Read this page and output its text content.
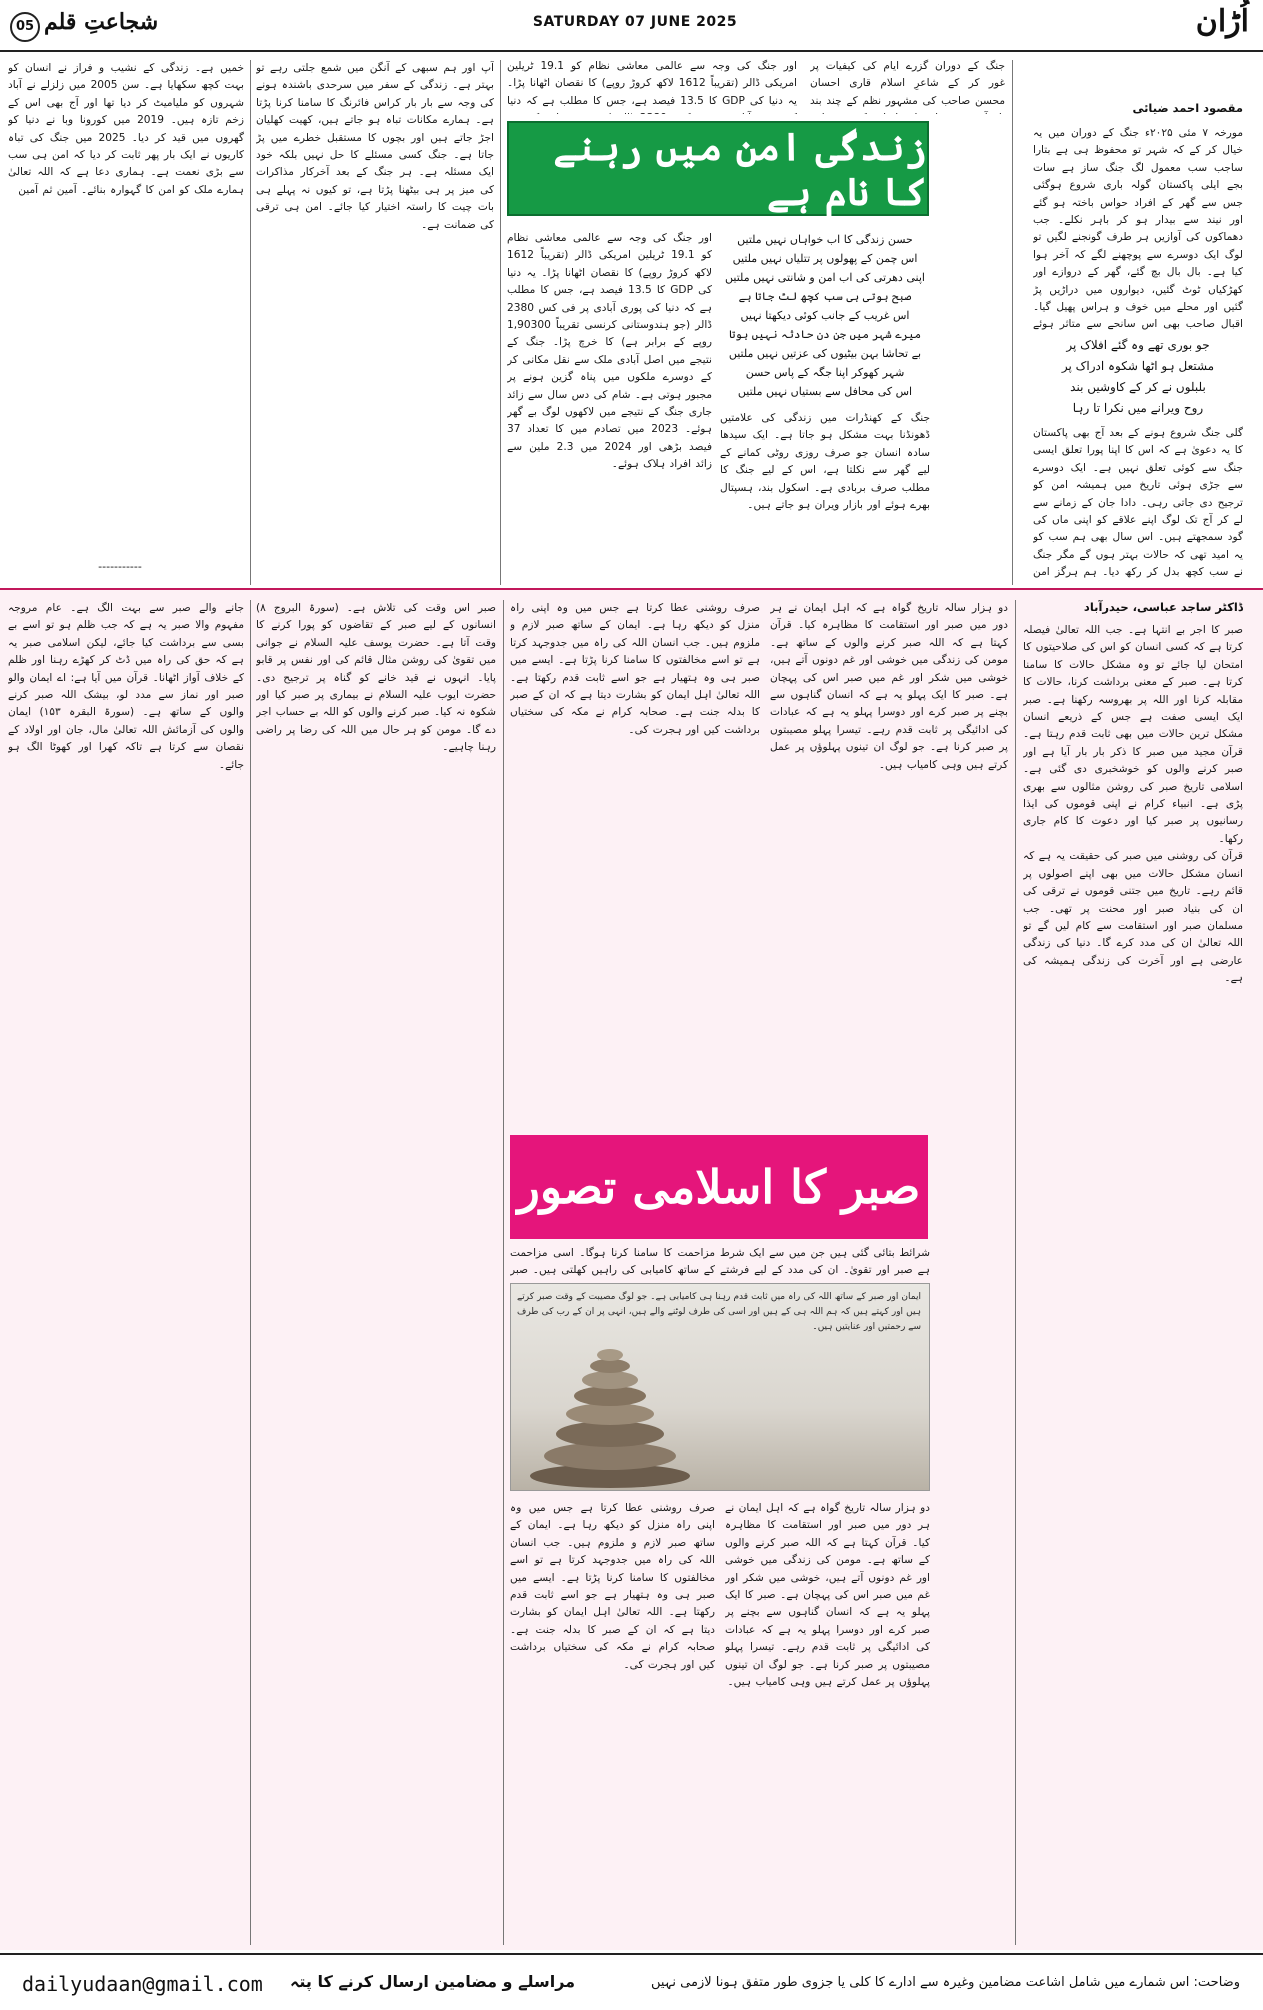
05 شجاعتِ قلم	SATURDAY 07 JUNE 2025	اُڑان
مقصود احمد ضیائی

مورخہ ۷ مئی ۲۰۲۵ء جنگ کے دوران میں یہ خیال کر کے کہ شہر تو محفوظ ہی ہے بتارا ساجب سب معمول لگ جنگ ساز ہے سات بجے ایلی پاکستان گولہ باری شروع ہوگئی جس سے گھر کے افراد حواس باختہ ہو گئے اور نیند سے بیدار ہو کر باہر نکلے۔ جب دھماکوں کی آوازیں ہر طرف گونجنے لگیں تو لوگ ایک دوسرے سے پوچھنے لگے کہ آخر ہوا کیا ہے۔ بال بال بچ گئے، گھر کے دروازے اور کھڑکیاں ٹوٹ گئیں، دیواروں میں دراڑیں پڑ گئیں اور محلے میں خوف و ہراس پھیل گیا۔ اقبال صاحب بھی اس سانحے سے متاثر ہوئے

جو بوری تھے وہ گئے افلاک پر
مشتعل ہو اٹھا شکوہ ادراک پر
بلبلوں نے کر کے کاوشیں بند
روح ویرانے میں نکرا تا رہا

گلی جنگ شروع ہونے کے بعد آج بھی پاکستان کا یہ دعویٰ ہے کہ اس کا اپنا پورا تعلق ایسی جنگ سے کوئی تعلق نہیں ہے۔ ایک دوسرے سے جڑی ہوئی تاریخ میں ہمیشہ امن کو ترجیح دی جاتی رہی۔ دادا جان کے زمانے سے لے کر آج تک لوگ اپنے علاقے کو اپنی ماں کی گود سمجھتے ہیں۔ اس سال بھی ہم سب کو یہ امید تھی کہ حالات بہتر ہوں گے مگر جنگ نے سب کچھ بدل کر رکھ دیا۔ ہم ہرگز امن

جنگ کے دوران گزرے ایام کی کیفیات پر غور کر کے شاعرِ اسلام قاری احسان محسن صاحب کی مشہور نظم کے چند بند

اور جنگ کی وجہ سے عالمی معاشی نظام کو 19.1 ٹریلین امریکی ڈالر (تقریباً 1612 لاکھ کروڑ روپے) کا نقصان اٹھانا پڑا۔ یہ دنیا کی GDP کا 13.5 فیصد ہے، جس کا مطلب ہے کہ دنیا

زندگی امن میں رہنے کا نام ہے
حسن زندگی کا اب خواہاں نہیں ملتیں
اس چمن کے پھولوں پر تتلیاں نہیں ملتیں
اپنی دھرتی کی اب امن و شانتی نہیں ملتیں
صبح ہوتی ہی سب کچھ لٹ جاتا ہے
اس غریب کے جانب کوئی دیکھتا نہیں
میرے شہر میں جن دن حادثہ نہیں ہوتا
بے تحاشا بہن بیٹیوں کی عزتیں نہیں ملتیں
شہر کھوکر اپنا جگہ کے پاس حسن
اس کی محافل سے بستیاں نہیں ملتیں

جنگ کے کھنڈرات میں زندگی کی علامتیں ڈھونڈنا بہت مشکل ہو جاتا ہے۔ ایک سیدھا سادہ انسان جو صرف روزی روٹی کمانے کے لیے گھر سے نکلتا ہے، اس کے لیے جنگ کا مطلب صرف بربادی ہے۔ اسکول بند، ہسپتال بھرے ہوئے اور بازار ویران ہو جاتے ہیں۔

اور جنگ کی وجہ سے عالمی معاشی نظام کو 19.1 ٹریلین امریکی ڈالر (تقریباً 1612 لاکھ کروڑ روپے) کا نقصان اٹھانا پڑا۔ یہ دنیا کی GDP کا 13.5 فیصد ہے، جس کا مطلب ہے کہ دنیا کی پوری آبادی پر فی کس 2380 ڈالر (جو ہندوستانی کرنسی تقریباً 1,90300 روپے کے برابر ہے) کا خرچ پڑا۔ جنگ کے نتیجے میں اصل آبادی ملک سے نقل مکانی کر کے دوسرے ملکوں میں پناہ گزین ہونے پر مجبور ہوتی ہے۔ شام کی دس سال سے زائد جاری جنگ کے نتیجے میں لاکھوں لوگ بے گھر ہوئے۔ 2023 میں تصادم میں کا تعداد 37 فیصد بڑھی اور 2024 میں 2.3 ملین سے زائد افراد ہلاک ہوئے۔

آپ اور ہم سبھی کے آنگن میں شمع جلتی رہے تو بہتر ہے۔ زندگی کے سفر میں سرحدی باشندہ ہونے کی وجہ سے بار بار کراس فائرنگ کا سامنا کرنا پڑتا ہے۔ ہمارے مکانات تباہ ہو جاتے ہیں، کھیت کھلیان اجڑ جاتے ہیں اور بچوں کا مستقبل خطرے میں پڑ جاتا ہے۔ جنگ کسی مسئلے کا حل نہیں بلکہ خود ایک مسئلہ ہے۔ ہر جنگ کے بعد آخرکار مذاکرات کی میز پر ہی بیٹھنا پڑتا ہے، تو کیوں نہ پہلے ہی بات چیت کا راستہ اختیار کیا جائے۔ امن ہی ترقی کی ضمانت ہے۔

خمیں ہے۔ زندگی کے نشیب و فراز نے انسان کو بہت کچھ سکھایا ہے۔ سن 2005 میں زلزلے نے آباد شہروں کو ملیامیٹ کر دیا تھا اور آج بھی اس کے زخم تازہ ہیں۔ 2019 میں کورونا وبا نے دنیا کو گھروں میں قید کر دیا۔ 2025 میں جنگ کی تباہ کاریوں نے ایک بار پھر ثابت کر دیا کہ امن ہی سب سے بڑی نعمت ہے۔ ہماری دعا ہے کہ اللہ تعالیٰ ہمارے ملک کو امن کا گہوارہ بنائے۔ آمین ثم آمین

-----------
ڈاکٹر ساجد عباسی، حیدرآباد

صبر کا اجر بے انتہا ہے۔ جب اللہ تعالیٰ فیصلہ کرتا ہے کہ کسی انسان کو اس کی صلاحیتوں کا امتحان لیا جائے تو وہ مشکل حالات کا سامنا کرتا ہے۔ صبر کے معنی برداشت کرنا، حالات کا مقابلہ کرنا اور اللہ پر بھروسہ رکھنا ہے۔ صبر ایک ایسی صفت ہے جس کے ذریعے انسان مشکل ترین حالات میں بھی ثابت قدم رہتا ہے۔ قرآن مجید میں صبر کا ذکر بار بار آیا ہے اور صبر کرنے والوں کو خوشخبری دی گئی ہے۔ اسلامی تاریخ صبر کی روشن مثالوں سے بھری پڑی ہے۔ انبیاء کرام نے اپنی قوموں کی ایذا رسانیوں پر صبر کیا اور دعوت کا کام جاری رکھا۔

قرآن کی روشنی میں صبر کی حقیقت یہ ہے کہ انسان مشکل حالات میں بھی اپنے اصولوں پر قائم رہے۔ تاریخ میں جتنی قوموں نے ترقی کی ان کی بنیاد صبر اور محنت پر تھی۔ جب مسلمان صبر اور استقامت سے کام لیں گے تو اللہ تعالیٰ ان کی مدد کرے گا۔ دنیا کی زندگی عارضی ہے اور آخرت کی زندگی ہمیشہ کی ہے۔

دو ہزار سالہ تاریخ گواہ ہے کہ اہل ایمان نے ہر دور میں صبر اور استقامت کا مظاہرہ کیا۔ قرآن کہتا ہے کہ اللہ صبر کرنے والوں کے ساتھ ہے۔ مومن کی زندگی میں خوشی اور غم دونوں آتے ہیں، خوشی میں شکر اور غم میں صبر اس کی پہچان ہے۔ صبر کا ایک پہلو یہ ہے کہ انسان گناہوں سے بچنے پر صبر کرے اور دوسرا پہلو یہ ہے کہ عبادات کی ادائیگی پر ثابت قدم رہے۔ تیسرا پہلو مصیبتوں پر صبر کرنا ہے۔ جو لوگ ان تینوں پہلوؤں پر عمل کرتے ہیں وہی کامیاب ہیں۔

صرف روشنی عطا کرتا ہے جس میں وہ اپنی راہ منزل کو دیکھ رہا ہے۔ ایمان کے ساتھ صبر لازم و ملزوم ہیں۔ جب انسان اللہ کی راہ میں جدوجہد کرتا ہے تو اسے مخالفتوں کا سامنا کرنا پڑتا ہے۔ ایسے میں صبر ہی وہ ہتھیار ہے جو اسے ثابت قدم رکھتا ہے۔ اللہ تعالیٰ اہل ایمان کو بشارت دیتا ہے کہ ان کے صبر کا بدلہ جنت ہے۔ صحابہ کرام نے مکہ کی سختیاں برداشت کیں اور ہجرت کی۔

صبر کا اسلامی تصور

شرائط بتائی گئی ہیں جن میں سے ایک شرط ہے صبر اور تقویٰ۔ ان کی مدد کے لیے فرشتے

مزاحمت کا سامنا کرنا ہوگا۔ اسی مزاحمت کے ساتھ کامیابی کی راہیں کھلتی ہیں۔ صبر

ایمان اور صبر کے ساتھ اللہ کی راہ میں ثابت قدم رہنا ہی کامیابی ہے۔ جو لوگ مصیبت کے وقت صبر کرتے ہیں اور کہتے ہیں کہ ہم اللہ ہی کے ہیں اور اسی کی طرف لوٹنے والے ہیں، انہی پر ان کے رب کی طرف سے رحمتیں اور عنایتیں ہیں۔

صرف روشنی عطا کرتا ہے جس میں وہ اپنی راہ منزل کو دیکھ رہا ہے۔ ایمان کے ساتھ صبر لازم و ملزوم ہیں۔ جب انسان اللہ کی راہ میں جدوجہد کرتا ہے تو اسے مخالفتوں کا سامنا کرنا پڑتا ہے۔ ایسے میں صبر ہی وہ ہتھیار ہے جو اسے ثابت قدم رکھتا ہے۔ اللہ تعالیٰ اہل ایمان کو بشارت دیتا ہے کہ ان کے صبر کا بدلہ جنت ہے۔ صحابہ کرام نے مکہ کی سختیاں برداشت کیں اور ہجرت کی۔

دو ہزار سالہ تاریخ گواہ ہے کہ اہل ایمان نے ہر دور میں صبر اور استقامت کا مظاہرہ کیا۔ قرآن کہتا ہے کہ اللہ صبر کرنے والوں کے ساتھ ہے۔ مومن کی زندگی میں خوشی اور غم دونوں آتے ہیں، خوشی میں شکر اور غم میں صبر اس کی پہچان ہے۔ صبر کا ایک پہلو یہ ہے کہ انسان گناہوں سے بچنے پر صبر کرے اور دوسرا پہلو یہ ہے کہ عبادات کی ادائیگی پر ثابت قدم رہے۔ تیسرا پہلو مصیبتوں پر صبر کرنا ہے۔ جو لوگ ان تینوں پہلوؤں پر عمل کرتے ہیں وہی کامیاب ہیں۔

صبر اس وقت کی تلاش ہے۔ (سورۃ البروج ۸) انسانوں کے لیے صبر کے تقاضوں کو پورا کرنے کا وقت آتا ہے۔ حضرت یوسف علیہ السلام نے جوانی میں تقویٰ کی روشن مثال قائم کی اور نفس پر قابو پایا۔ انہوں نے قید خانے کو گناہ پر ترجیح دی۔ حضرت ایوب علیہ السلام نے بیماری پر صبر کیا اور شکوہ نہ کیا۔ صبر کرنے والوں کو اللہ بے حساب اجر دے گا۔ مومن کو ہر حال میں اللہ کی رضا پر راضی رہنا چاہیے۔

جانے والے صبر سے بہت الگ ہے۔ عام مروجہ مفہوم والا صبر یہ ہے کہ جب ظلم ہو تو اسے بے بسی سے برداشت کیا جائے، لیکن اسلامی صبر یہ ہے کہ حق کی راہ میں ڈٹ کر کھڑے رہنا اور ظلم کے خلاف آواز اٹھانا۔ قرآن میں آیا ہے: اے ایمان والو صبر اور نماز سے مدد لو، بیشک اللہ صبر کرنے والوں کے ساتھ ہے۔ (سورۃ البقرہ ۱۵۳) ایمان والوں کی آزمائش اللہ تعالیٰ مال، جان اور اولاد کے نقصان سے کرتا ہے تاکہ کھرا اور کھوٹا الگ ہو جائے۔

dailyudaan@gmail.com مراسلے و مضامین ارسال کرنے کا پتہ	وضاحت: اس شمارے میں شامل اشاعت مضامین وغیرہ سے ادارے کا کلی یا جزوی طور متفق ہونا لازمی نہیں
